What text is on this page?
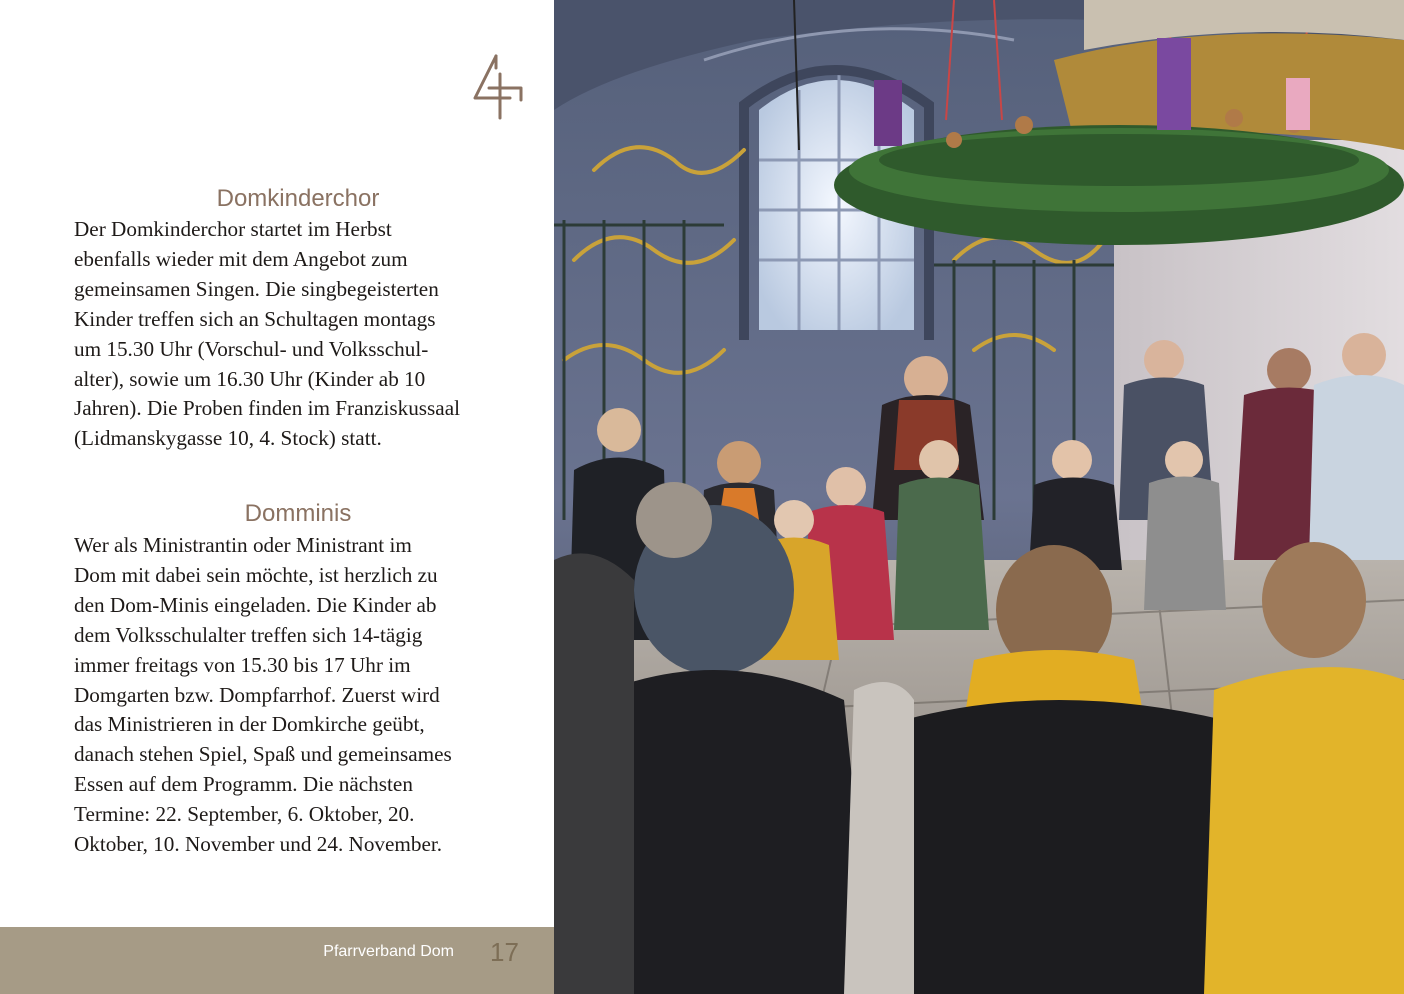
Domkinderchor
Der Domkinderchor startet im Herbst
ebenfalls wieder mit dem Angebot zum
gemeinsamen Singen. Die singbegeisterten
Kinder treffen sich an Schultagen montags
um 15.30 Uhr (Vorschul- und Volksschul-
alter), sowie um 16.30 Uhr (Kinder ab 10
Jahren). Die Proben finden im Franziskussaal
(Lidmanskygasse 10, 4. Stock) statt.
Domminis
Wer als Ministrantin oder Ministrant im
Dom mit dabei sein möchte, ist herzlich zu
den Dom-Minis eingeladen. Die Kinder ab
dem Volksschulalter treffen sich 14-tägig
immer freitags von 15.30 bis 17 Uhr im
Domgarten bzw. Dompfarrhof. Zuerst wird
das Ministrieren in der Domkirche geübt,
danach stehen Spiel, Spaß und gemeinsames
Essen auf dem Programm. Die nächsten
Termine: 22. September, 6. Oktober, 20.
Oktober, 10. November und 24. November.
Pfarrverband Dom 17
